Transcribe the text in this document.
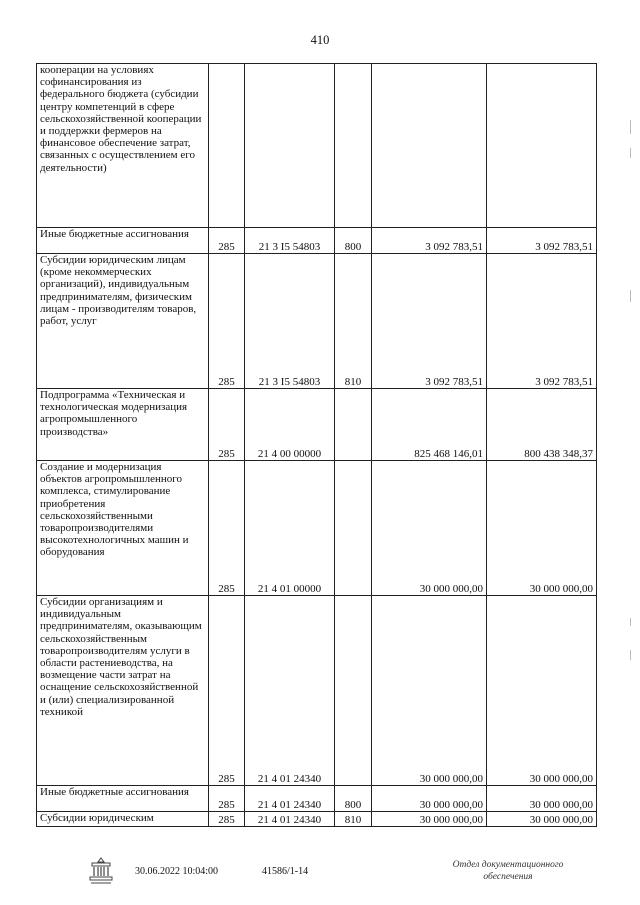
410
кооперации на условиях софинансирования из федерального бюджета (субсидии центру компетенций в сфере сельскохозяйственной кооперации и поддержки фермеров на финансовое обеспечение затрат, связанных с осуществлением его деятельности)					
Иные бюджетные ассигнования	285	21 3 I5 54803	800	3 092 783,51	3 092 783,51
Субсидии юридическим лицам (кроме некоммерческих организаций), индивидуальным предпринимателям, физическим лицам - производителям товаров, работ, услуг	285	21 3 I5 54803	810	3 092 783,51	3 092 783,51
Подпрограмма «Техническая и технологическая модернизация агропромышленного производства»	285	21 4 00 00000		825 468 146,01	800 438 348,37
Создание и модернизация объектов агропромышленного комплекса, стимулирование приобретения сельскохозяйственными товаропроизводителями высокотехнологичных машин и оборудования	285	21 4 01 00000		30 000 000,00	30 000 000,00
Субсидии организациям и индивидуальным предпринимателям, оказывающим сельскохозяйственным товаропроизводителям услуги в области растениеводства, на возмещение части затрат на оснащение сельскохозяйственной и (или) специализированной техникой	285	21 4 01 24340		30 000 000,00	30 000 000,00
Иные бюджетные ассигнования	285	21 4 01 24340	800	30 000 000,00	30 000 000,00
Субсидии юридическим	285	21 4 01 24340	810	30 000 000,00	30 000 000,00
30.06.2022 10:04:00	41586/1-14
Отдел документационного обеспечения
